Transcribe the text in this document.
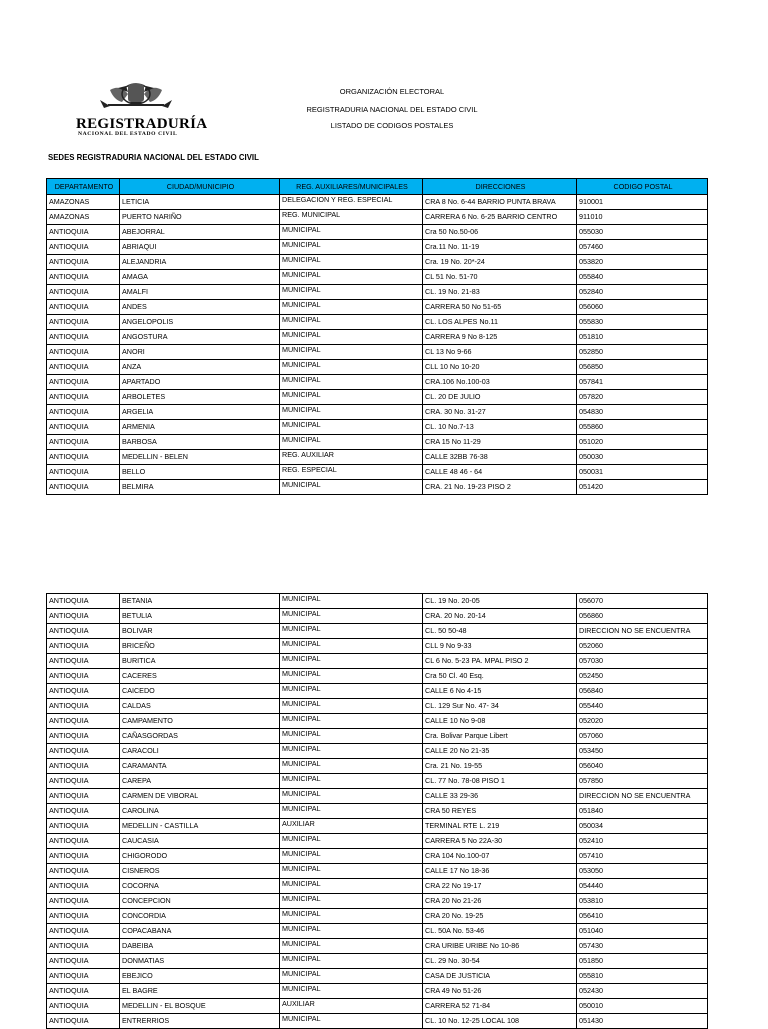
REGISTRADURÍA
NACIONAL DEL ESTADO CIVIL
ORGANIZACIÓN ELECTORAL
REGISTRADURIA NACIONAL DEL ESTADO CIVIL
LISTADO DE CODIGOS POSTALES
SEDES REGISTRADURIA NACIONAL DEL ESTADO CIVIL
DEPARTAMENTO	CIUDAD/MUNICIPIO	REG. AUXILIARES/MUNICIPALES	DIRECCIONES	CODIGO POSTAL
AMAZONAS	LETICIA	DELEGACION Y REG. ESPECIAL	CRA 8 No. 6-44 BARRIO PUNTA BRAVA	910001
AMAZONAS	PUERTO NARIÑO	REG. MUNICIPAL	CARRERA 6 No. 6-25 BARRIO CENTRO	911010
ANTIOQUIA	ABEJORRAL	MUNICIPAL	Cra 50 No.50-06	055030
ANTIOQUIA	ABRIAQUI	MUNICIPAL	Cra.11 No. 11-19	057460
ANTIOQUIA	ALEJANDRIA	MUNICIPAL	Cra. 19 No. 20*-24	053820
ANTIOQUIA	AMAGA	MUNICIPAL	CL 51 No. 51-70	055840
ANTIOQUIA	AMALFI	MUNICIPAL	CL. 19 No. 21-83	052840
ANTIOQUIA	ANDES	MUNICIPAL	CARRERA 50 No 51-65	056060
ANTIOQUIA	ANGELOPOLIS	MUNICIPAL	CL. LOS ALPES No.11	055830
ANTIOQUIA	ANGOSTURA	MUNICIPAL	CARRERA 9 No 8-125	051810
ANTIOQUIA	ANORI	MUNICIPAL	CL 13 No 9-66	052850
ANTIOQUIA	ANZA	MUNICIPAL	CLL 10 No 10-20	056850
ANTIOQUIA	APARTADO	MUNICIPAL	CRA.106 No.100-03	057841
ANTIOQUIA	ARBOLETES	MUNICIPAL	CL. 20 DE JULIO	057820
ANTIOQUIA	ARGELIA	MUNICIPAL	CRA. 30 No. 31-27	054830
ANTIOQUIA	ARMENIA	MUNICIPAL	CL. 10 No.7-13	055860
ANTIOQUIA	BARBOSA	MUNICIPAL	CRA 15 No 11-29	051020
ANTIOQUIA	MEDELLIN - BELEN	REG. AUXILIAR	CALLE 32BB 76-38	050030
ANTIOQUIA	BELLO	REG. ESPECIAL	CALLE 48 46 - 64	050031
ANTIOQUIA	BELMIRA	MUNICIPAL	CRA. 21 No. 19-23 PISO 2	051420
ANTIOQUIA	BETANIA	MUNICIPAL	CL. 19 No. 20-05	056070
ANTIOQUIA	BETULIA	MUNICIPAL	CRA. 20 No. 20-14	056860
ANTIOQUIA	BOLIVAR	MUNICIPAL	CL. 50 50-48	DIRECCION NO SE ENCUENTRA
ANTIOQUIA	BRICEÑO	MUNICIPAL	CLL 9 No 9-33	052060
ANTIOQUIA	BURITICA	MUNICIPAL	CL 6 No. 5-23 PA. MPAL PISO 2	057030
ANTIOQUIA	CACERES	MUNICIPAL	Cra 50 Cl. 40 Esq.	052450
ANTIOQUIA	CAICEDO	MUNICIPAL	CALLE 6 No 4-15	056840
ANTIOQUIA	CALDAS	MUNICIPAL	CL. 129 Sur No. 47- 34	055440
ANTIOQUIA	CAMPAMENTO	MUNICIPAL	CALLE 10 No 9-08	052020
ANTIOQUIA	CAÑASGORDAS	MUNICIPAL	Cra. Bolivar Parque Libert	057060
ANTIOQUIA	CARACOLI	MUNICIPAL	CALLE 20 No 21-35	053450
ANTIOQUIA	CARAMANTA	MUNICIPAL	Cra. 21 No. 19-55	056040
ANTIOQUIA	CAREPA	MUNICIPAL	CL. 77 No. 78-08 PISO 1	057850
ANTIOQUIA	CARMEN DE VIBORAL	MUNICIPAL	CALLE 33 29-36	DIRECCION NO SE ENCUENTRA
ANTIOQUIA	CAROLINA	MUNICIPAL	CRA 50 REYES	051840
ANTIOQUIA	MEDELLIN - CASTILLA	AUXILIAR	TERMINAL RTE L. 219	050034
ANTIOQUIA	CAUCASIA	MUNICIPAL	CARRERA 5 No 22A-30	052410
ANTIOQUIA	CHIGORODO	MUNICIPAL	CRA 104 No.100-07	057410
ANTIOQUIA	CISNEROS	MUNICIPAL	CALLE 17 No 18-36	053050
ANTIOQUIA	COCORNA	MUNICIPAL	CRA 22 No 19-17	054440
ANTIOQUIA	CONCEPCION	MUNICIPAL	CRA 20 No 21-26	053810
ANTIOQUIA	CONCORDIA	MUNICIPAL	CRA 20 No. 19-25	056410
ANTIOQUIA	COPACABANA	MUNICIPAL	CL. 50A No. 53-46	051040
ANTIOQUIA	DABEIBA	MUNICIPAL	CRA URIBE URIBE No 10-86	057430
ANTIOQUIA	DONMATIAS	MUNICIPAL	CL. 29 No. 30-54	051850
ANTIOQUIA	EBEJICO	MUNICIPAL	CASA DE JUSTICIA	055810
ANTIOQUIA	EL BAGRE	MUNICIPAL	CRA 49 No 51-26	052430
ANTIOQUIA	MEDELLIN - EL BOSQUE	AUXILIAR	CARRERA 52 71-84	050010
ANTIOQUIA	ENTRERRIOS	MUNICIPAL	CL. 10 No. 12-25 LOCAL 108	051430
